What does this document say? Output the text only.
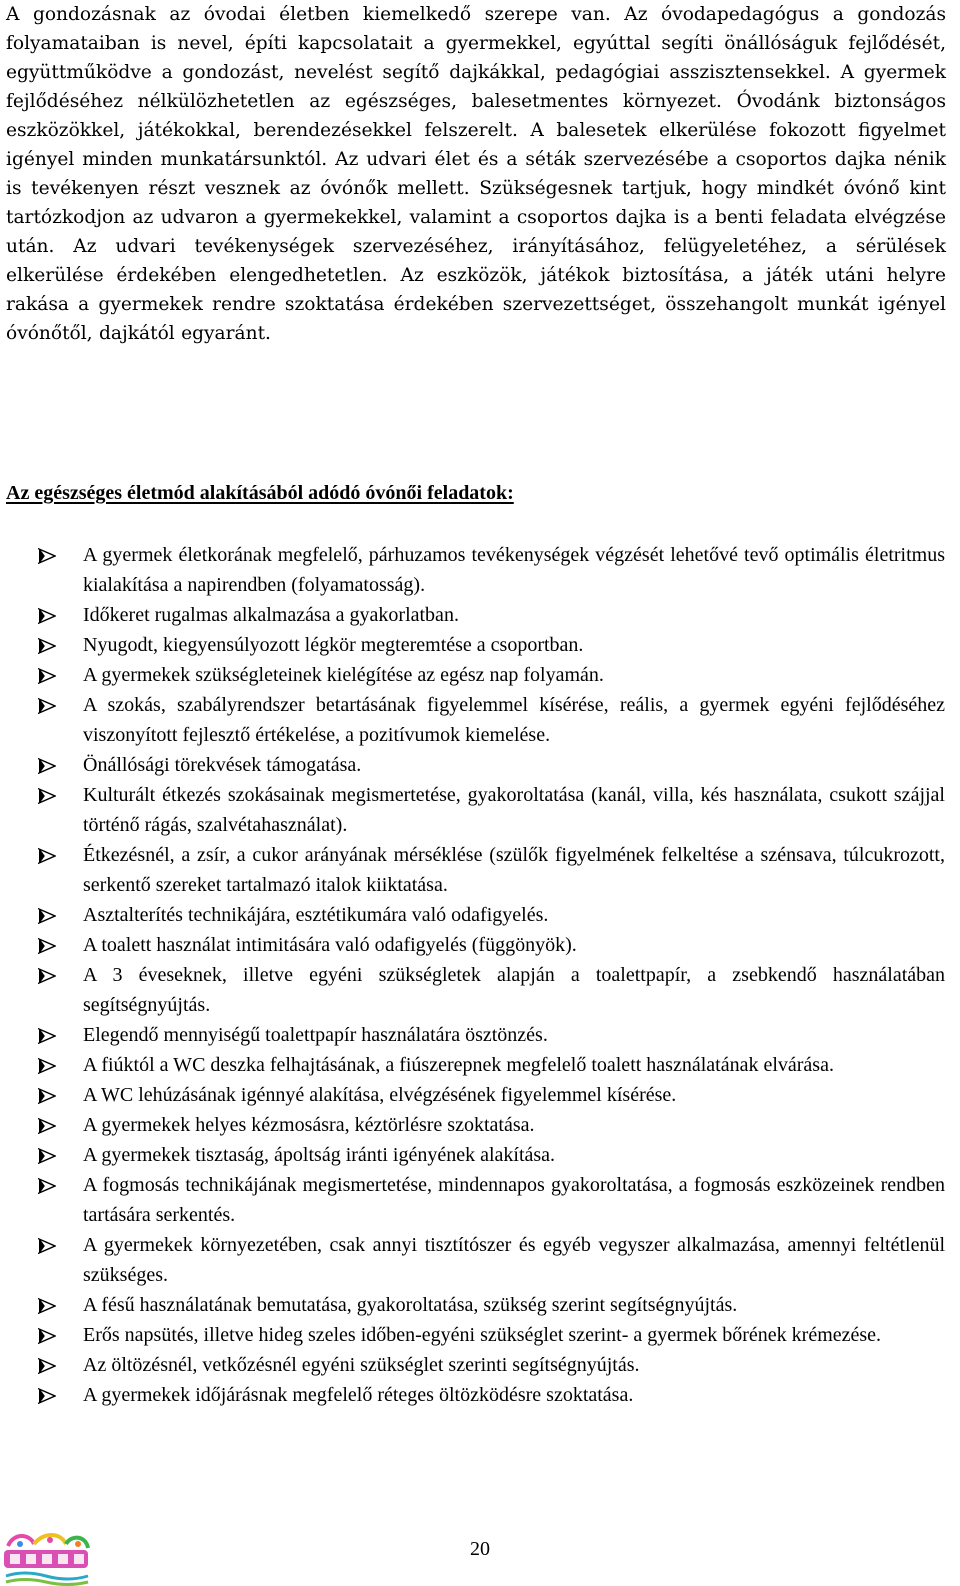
A gondozásnak az óvodai életben kiemelkedő szerepe van. Az óvodapedagógus a gondozás folyamataiban is nevel, építi kapcsolatait a gyermekkel, egyúttal segíti önállóságuk fejlődését, együttműködve a gondozást, nevelést segítő dajkákkal, pedagógiai asszisztensekkel. A gyermek fejlődéséhez nélkülözhetetlen az egészséges, balesetmentes környezet. Óvodánk biztonságos eszközökkel, játékokkal, berendezésekkel felszerelt. A balesetek elkerülése fokozott figyelmet igényel minden munkatársunktól. Az udvari élet és a séták szervezésébe a csoportos dajka nénik is tevékenyen részt vesznek az óvónők mellett. Szükségesnek tartjuk, hogy mindkét óvónő kint tartózkodjon az udvaron a gyermekekkel, valamint a csoportos dajka is a benti feladata elvégzése után. Az udvari tevékenységek szervezéséhez, irányításához, felügyeletéhez, a sérülések elkerülése érdekében elengedhetetlen. Az eszközök, játékok biztosítása, a játék utáni helyre rakása a gyermekek rendre szoktatása érdekében szervezettséget, összehangolt munkát igényel óvónőtől, dajkától egyaránt.

Az egészséges életmód alakításából adódó óvónői feladatok:
A gyermek életkorának megfelelő, párhuzamos tevékenységek végzését lehetővé tevő optimális életritmus kialakítása a napirendben (folyamatosság).
Időkeret rugalmas alkalmazása a gyakorlatban.
Nyugodt, kiegyensúlyozott légkör megteremtése a csoportban.
A gyermekek szükségleteinek kielégítése az egész nap folyamán.
A szokás, szabályrendszer betartásának figyelemmel kísérése, reális, a gyermek egyéni fejlődéséhez viszonyított fejlesztő értékelése, a pozitívumok kiemelése.
Önállósági törekvések támogatása.
Kulturált étkezés szokásainak megismertetése, gyakoroltatása (kanál, villa, kés használata, csukott szájjal történő rágás, szalvétahasználat).
Étkezésnél, a zsír, a cukor arányának mérséklése (szülők figyelmének felkeltése a szénsava, túlcukrozott, serkentő szereket tartalmazó italok kiiktatása.
Asztalterítés technikájára, esztétikumára való odafigyelés.
A toalett használat intimitására való odafigyelés (függönyök).
A 3 éveseknek, illetve egyéni szükségletek alapján a toalettpapír, a zsebkendő használatában segítségnyújtás.
Elegendő mennyiségű toalettpapír használatára ösztönzés.
A fiúktól a WC deszka felhajtásának, a fiúszerepnek megfelelő toalett használatának elvárása.
A WC lehúzásának igénnyé alakítása, elvégzésének figyelemmel kísérése.
A gyermekek helyes kézmosásra, kéztörlésre szoktatása.
A gyermekek tisztaság, ápoltság iránti igényének alakítása.
A fogmosás technikájának megismertetése, mindennapos gyakoroltatása, a fogmosás eszközeinek rendben tartására serkentés.
A gyermekek környezetében, csak annyi tisztítószer és egyéb vegyszer alkalmazása, amennyi feltétlenül szükséges.
A fésű használatának bemutatása, gyakoroltatása, szükség szerint segítségnyújtás.
Erős napsütés, illetve hideg szeles időben-egyéni szükséglet szerint- a gyermek bőrének krémezése.
Az öltözésnél, vetkőzésnél egyéni szükséglet szerinti segítségnyújtás.
A gyermekek időjárásnak megfelelő réteges öltözködésre szoktatása.
20
